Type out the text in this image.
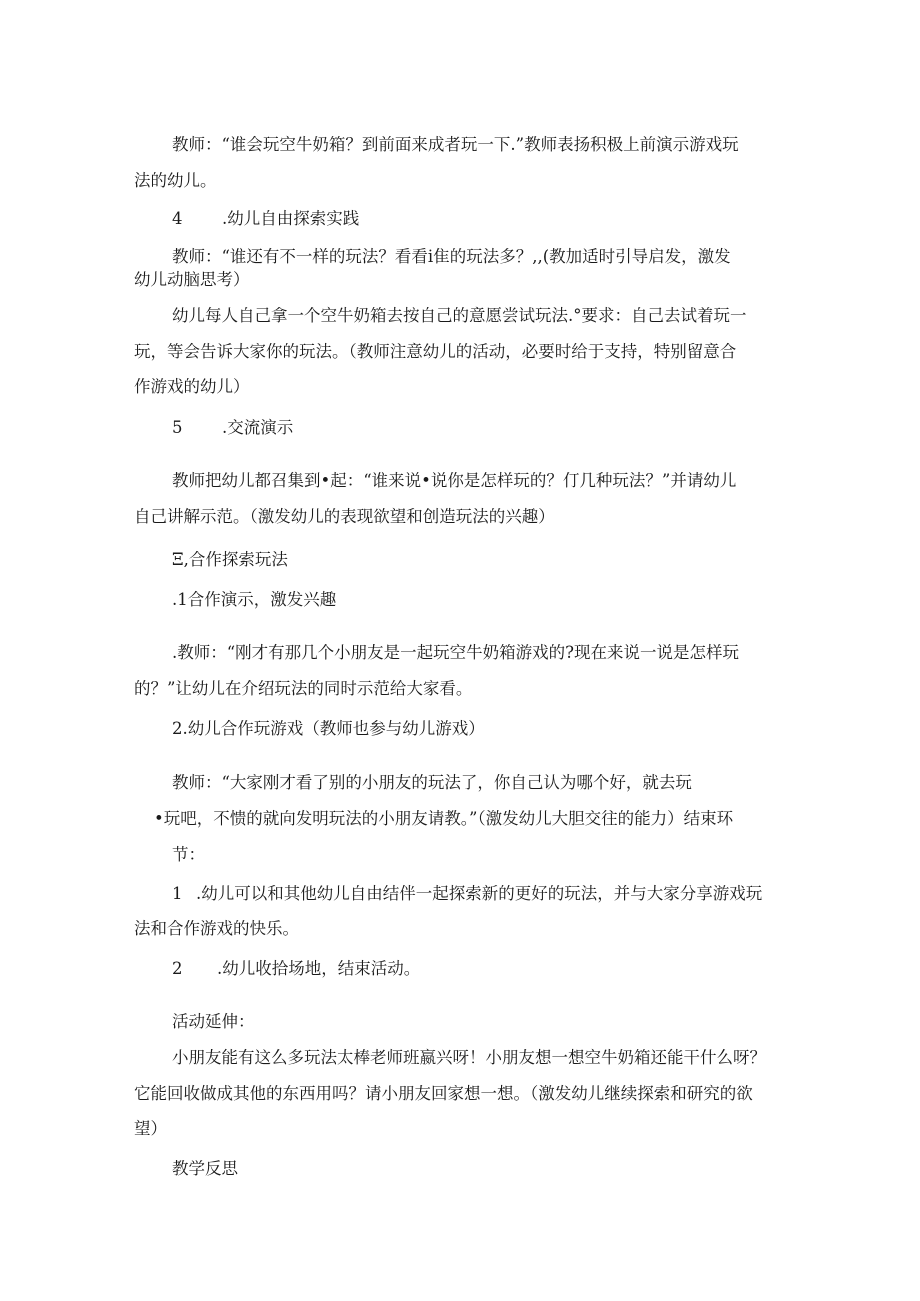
教师：“谁会玩空牛奶箱？到前面来成者玩一下.”教师表扬积极上前演示游戏玩
法的幼儿。
4 .幼儿自由探索实践
教师：“谁还有不一样的玩法？看看i隹的玩法多？,,(教加适时引导启发，激发
幼儿动脑思考）
幼儿每人自己拿一个空牛奶箱去按自己的意愿尝试玩法.°要求：自己去试着玩一
玩，等会告诉大家你的玩法。（教师注意幼儿的活动，必要时给于支持，特别留意合
作游戏的幼儿）
5 .交流演示
教师把幼儿都召集到•起：“谁来说•说你是怎样玩的？仃几种玩法？”并请幼儿
自己讲解示范。（激发幼儿的表现欲望和创造玩法的兴趣）
Ξ,合作探索玩法
.1合作演示，激发兴趣
.教师：“刚才有那几个小朋友是一起玩空牛奶箱游戏的?现在来说一说是怎样玩
的？”让幼儿在介绍玩法的同时示范给大家看。
2.幼儿合作玩游戏（教师也参与幼儿游戏）
教师：“大家刚才看了别的小朋友的玩法了，你自己认为哪个好，就去玩
•玩吧，不愦的就向发明玩法的小朋友请教。”（激发幼儿大胆交往的能力）结束环
节：
1 .幼儿可以和其他幼儿自由结伴一起探索新的更好的玩法，并与大家分享游戏玩
法和合作游戏的快乐。
2 .幼儿收拾场地，结束活动。
活动延伸：
小朋友能有这么多玩法太棒老师班嬴兴呀！小朋友想一想空牛奶箱还能干什么呀？
它能回收做成其他的东西用吗？请小朋友回家想一想。（激发幼儿继续探索和研究的欲
望）
教学反思
